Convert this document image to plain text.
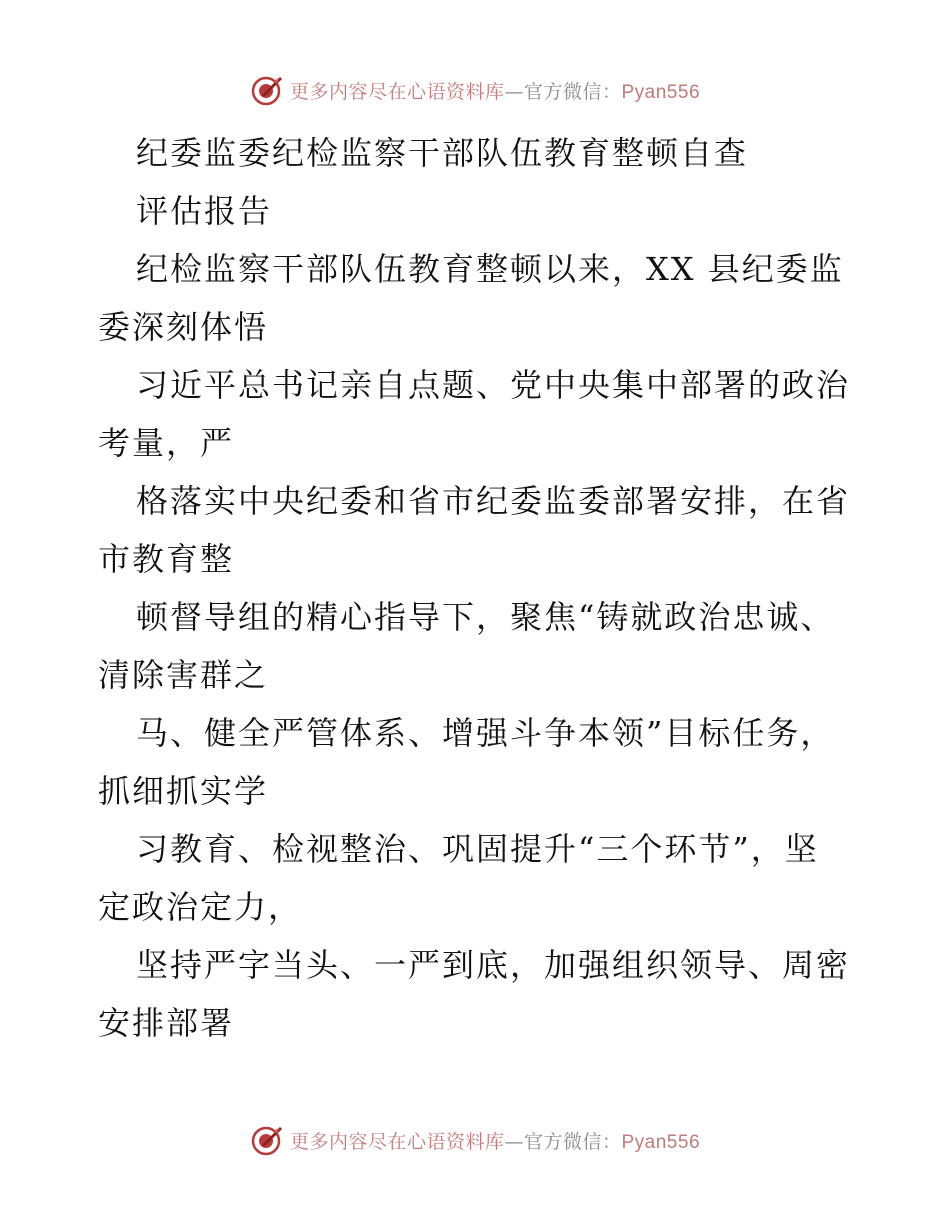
更多内容尽在心语资料库—官方微信：Pyan556
纪委监委纪检监察干部队伍教育整顿自查
评估报告
纪检监察干部队伍教育整顿以来，XX 县纪委监
委深刻体悟
习近平总书记亲自点题、党中央集中部署的政治
考量，严
格落实中央纪委和省市纪委监委部署安排，在省
市教育整
顿督导组的精心指导下，聚焦“铸就政治忠诚、
清除害群之
马、健全严管体系、增强斗争本领”目标任务，
抓细抓实学
习教育、检视整治、巩固提升“三个环节”，坚
定政治定力，
坚持严字当头、一严到底，加强组织领导、周密
安排部署
更多内容尽在心语资料库—官方微信：Pyan556
